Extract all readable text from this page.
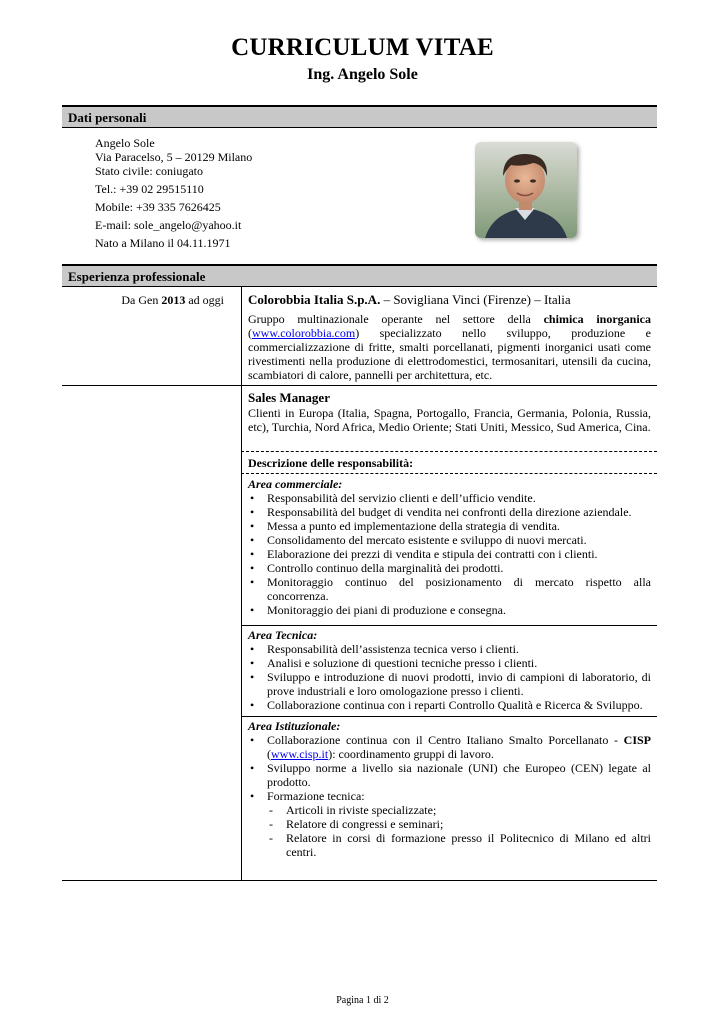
CURRICULUM VITAE
Ing. Angelo Sole
Dati personali
Angelo Sole
Via Paracelso, 5 – 20129 Milano
Stato civile: coniugato
Tel.: +39 02 29515110
Mobile: +39 335 7626425
E-mail: sole_angelo@yahoo.it
Nato a Milano il 04.11.1971
Esperienza professionale
Da Gen 2013 ad oggi Colorobbia Italia S.p.A. – Sovigliana Vinci (Firenze) – Italia
Gruppo multinazionale operante nel settore della chimica inorganica (www.colorobbia.com) specializzato nello sviluppo, produzione e commercializzazione di fritte, smalti porcellanati, pigmenti inorganici usati come rivestimenti nella produzione di elettrodomestici, termosanitari, utensili da cucina, scambiatori di calore, pannelli per architettura, etc.
Sales Manager
Clienti in Europa (Italia, Spagna, Portogallo, Francia, Germania, Polonia, Russia, etc), Turchia, Nord Africa, Medio Oriente; Stati Uniti, Messico, Sud America, Cina.
Descrizione delle responsabilità:
Area commerciale:
• Responsabilità del servizio clienti e dell’ufficio vendite.
• Responsabilità del budget di vendita nei confronti della direzione aziendale.
• Messa a punto ed implementazione della strategia di vendita.
• Consolidamento del mercato esistente e sviluppo di nuovi mercati.
• Elaborazione dei prezzi di vendita e stipula dei contratti con i clienti.
• Controllo continuo della marginalità dei prodotti.
• Monitoraggio continuo del posizionamento di mercato rispetto alla concorrenza.
• Monitoraggio dei piani di produzione e consegna.
Area Tecnica:
• Responsabilità dell’assistenza tecnica verso i clienti.
• Analisi e soluzione di questioni tecniche presso i clienti.
• Sviluppo e introduzione di nuovi prodotti, invio di campioni di laboratorio, di prove industriali e loro omologazione presso i clienti.
• Collaborazione continua con i reparti Controllo Qualità e Ricerca & Sviluppo.
Area Istituzionale:
• Collaborazione continua con il Centro Italiano Smalto Porcellanato - CISP (www.cisp.it): coordinamento gruppi di lavoro.
• Sviluppo norme a livello sia nazionale (UNI) che Europeo (CEN) legate al prodotto.
• Formazione tecnica:
- Articoli in riviste specializzate;
- Relatore di congressi e seminari;
- Relatore in corsi di formazione presso il Politecnico di Milano ed altri centri.
Pagina 1 di 2
